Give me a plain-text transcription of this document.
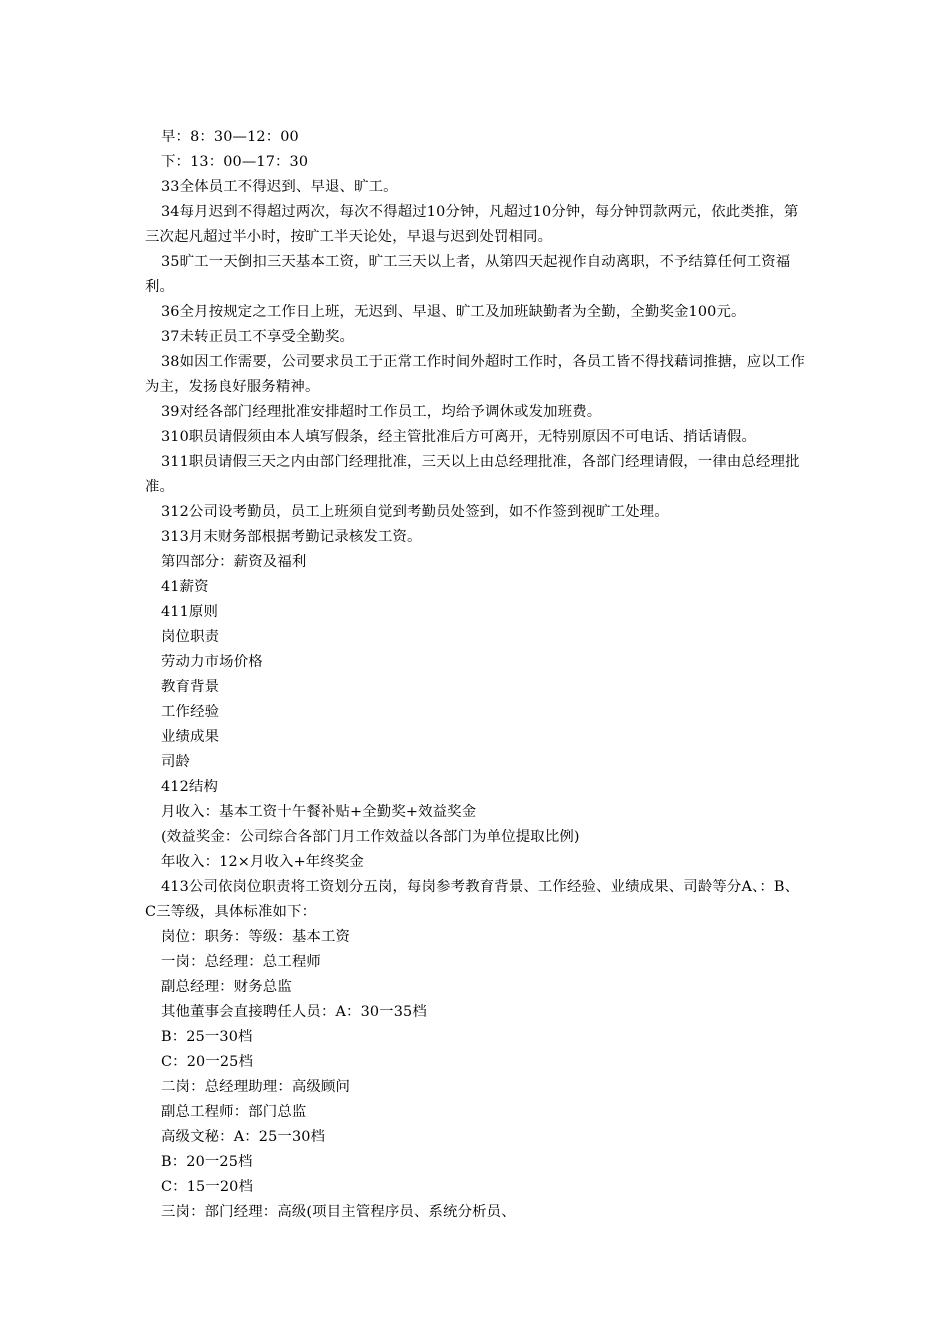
早：8：30—12：00

下：13：00—17：30

33全体员工不得迟到、早退、旷工。

34每月迟到不得超过两次，每次不得超过10分钟，凡超过10分钟，每分钟罚款两元，依此类推，第三次起凡超过半小时，按旷工半天论处，早退与迟到处罚相同。

35旷工一天倒扣三天基本工资，旷工三天以上者，从第四天起视作自动离职，不予结算任何工资福利。

36全月按规定之工作日上班，无迟到、早退、旷工及加班缺勤者为全勤，全勤奖金100元。

37未转正员工不享受全勤奖。

38如因工作需要，公司要求员工于正常工作时间外超时工作时，各员工皆不得找藉词推搪，应以工作为主，发扬良好服务精神。

39对经各部门经理批准安排超时工作员工，均给予调休或发加班费。

310职员请假须由本人填写假条，经主管批准后方可离开，无特别原因不可电话、捎话请假。

311职员请假三天之内由部门经理批准，三天以上由总经理批准，各部门经理请假，一律由总经理批准。

312公司设考勤员，员工上班须自觉到考勤员处签到，如不作签到视旷工处理。

313月末财务部根据考勤记录核发工资。

第四部分：薪资及福利

41薪资

411原则

岗位职责

劳动力市场价格

教育背景

工作经验

业绩成果

司龄

412结构

月收入：基本工资十午餐补贴+全勤奖+效益奖金

(效益奖金：公司综合各部门月工作效益以各部门为单位提取比例)

年收入：12×月收入+年终奖金

413公司依岗位职责将工资划分五岗，每岗参考教育背景、工作经验、业绩成果、司龄等分A、：B、C三等级，具体标准如下：

岗位：职务：等级：基本工资

一岗：总经理：总工程师

副总经理：财务总监

其他董事会直接聘任人员：A：30一35档

B：25一30档

C：20一25档

二岗：总经理助理：高级顾问

副总工程师：部门总监

高级文秘：A：25一30档

B：20一25档

C：15一20档

三岗：部门经理：高级(项目主管程序员、系统分析员、
